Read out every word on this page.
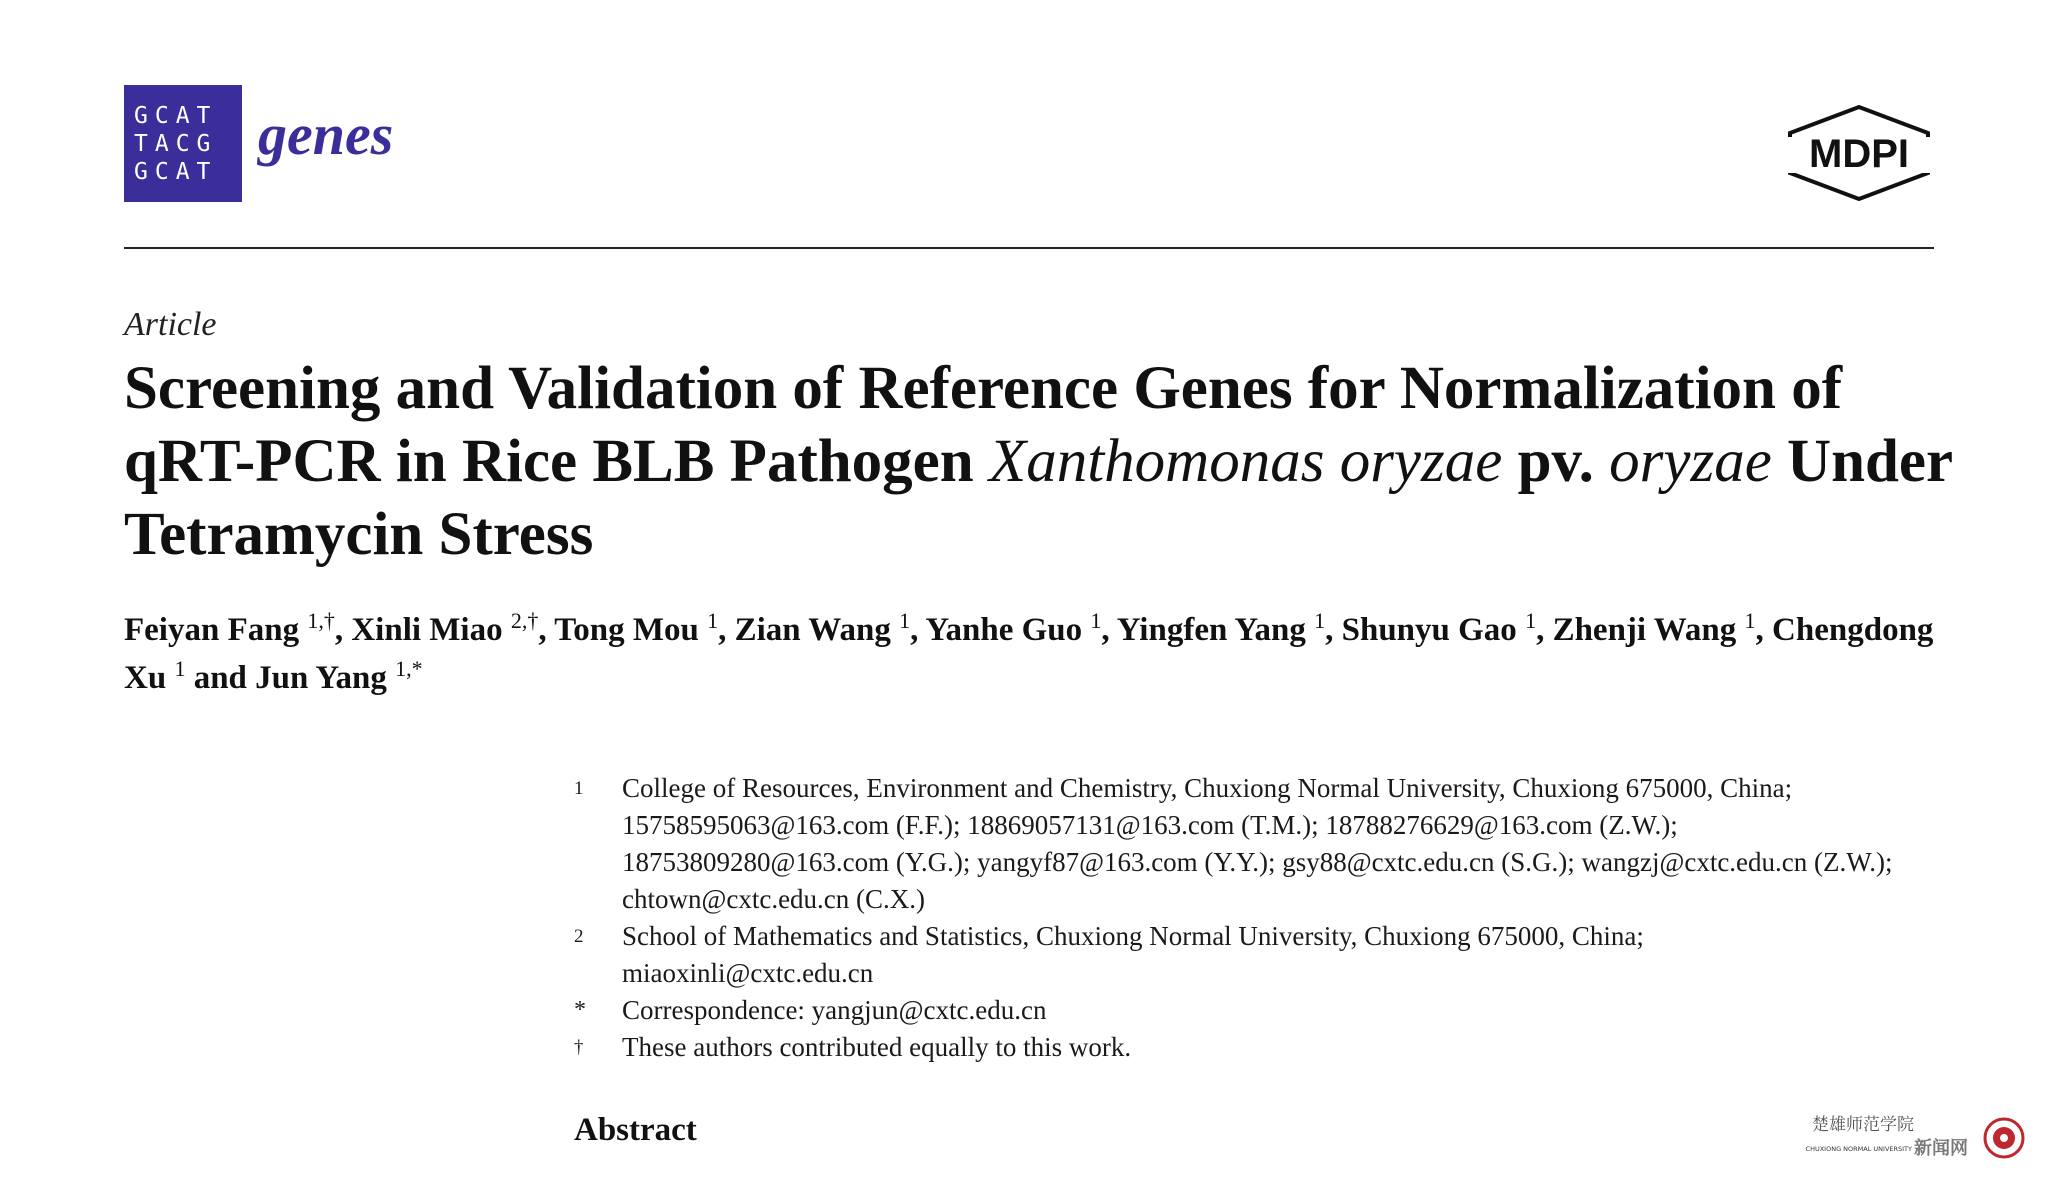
GCAT
TACG
GCAT
genes	MDPI
Article
Screening and Validation of Reference Genes for Normalization of qRT-PCR in Rice BLB Pathogen Xanthomonas oryzae pv. oryzae Under Tetramycin Stress
Feiyan Fang $^{1,\dagger}$, Xinli Miao $^{2,\dagger}$, Tong Mou $^1$, Zian Wang $^1$, Yanhe Guo $^1$, Yingfen Yang $^1$, Shunyu Gao $^1$, Zhenji Wang $^1$, Chengdong Xu $^1$ and Jun Yang $^{1,*}$
1	College of Resources, Environment and Chemistry, Chuxiong Normal University, Chuxiong 675000, China;
15758595063@163.com (F.F.); 18869057131@163.com (T.M.); 18788276629@163.com (Z.W.);
18753809280@163.com (Y.G.); yangyf87@163.com (Y.Y.); gsy88@cxtc.edu.cn (S.G.); wangzj@cxtc.edu.cn (Z.W.);
chtown@cxtc.edu.cn (C.X.)
2	School of Mathematics and Statistics, Chuxiong Normal University, Chuxiong 675000, China;
miaoxinli@cxtc.edu.cn
*	Correspondence: yangjun@cxtc.edu.cn
†	These authors contributed equally to this work.
Abstract	楚雄师范学院
新闻网
CHUXIONG NORMAL UNIVERSITY
